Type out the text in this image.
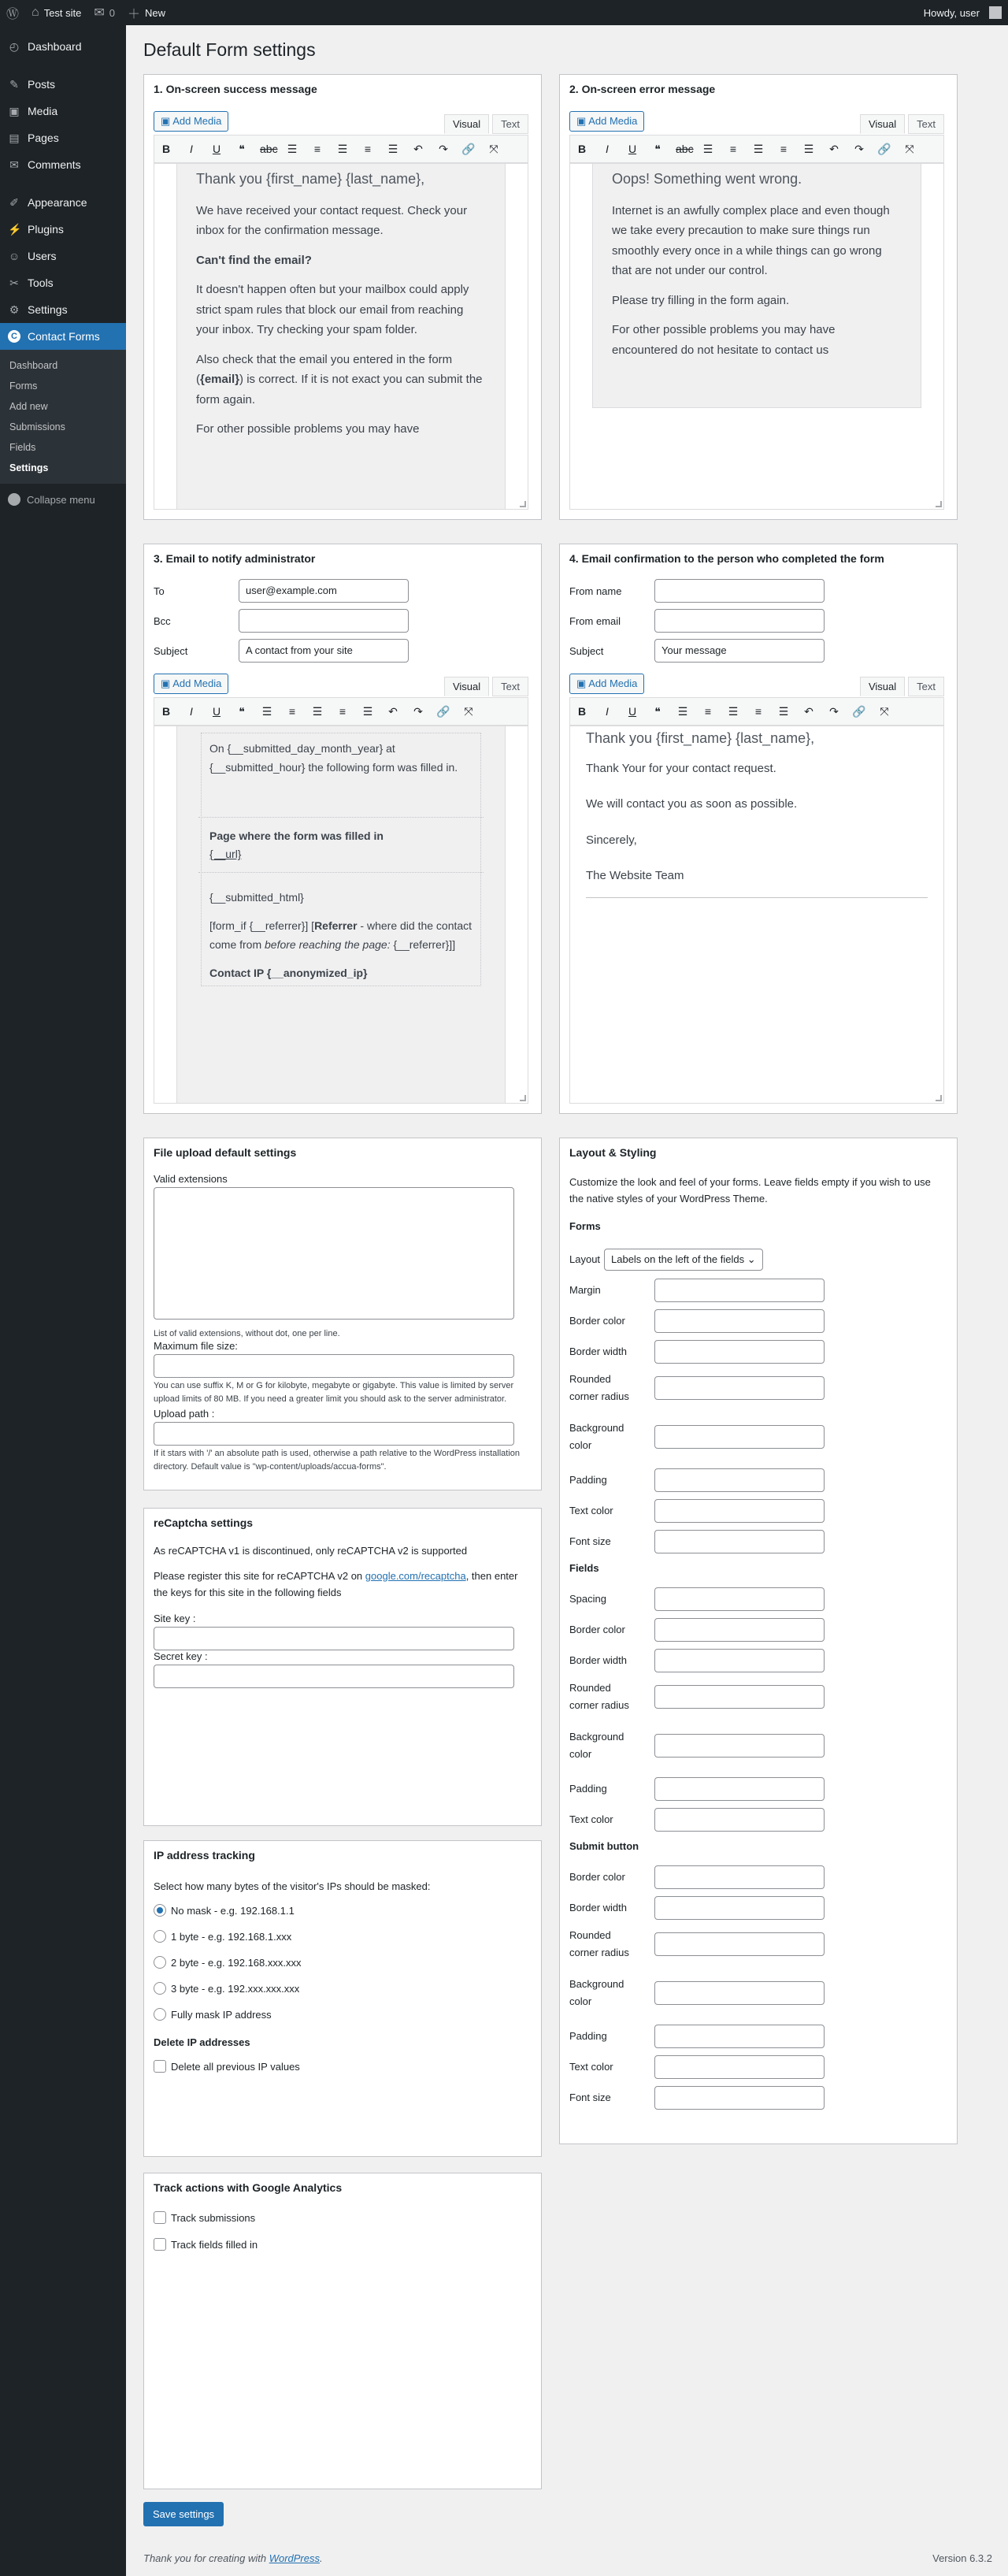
Ⓦ ⌂ Test site ✉ 0 ＋ New	Howdy, user
◴ Dashboard
✎ Posts
▣ Media
▤ Pages
✉ Comments
✐ Appearance
⚡ Plugins
☺ Users
✂ Tools
⚙ Settings
C Contact Forms
Dashboard
Forms
Add new
Submissions
Fields
Settings
Collapse menu
Default Form settings
1. On-screen success message
▣ Add Media	Visual	Text
B	I	U	❝	abc ☰	≡	☰	≡	☰ ↶ ↷ 🔗 ⤧
Thank you {first_name} {last_name},

We have received your contact request. Check your inbox for the confirmation message.

Can't find the email?

It doesn't happen often but your mailbox could apply strict spam rules that block our email from reaching your inbox. Try checking your spam folder.

Also check that the email you entered in the form ({email}) is correct. If it is not exact you can submit the form again.

For other possible problems you may have

2. On-screen error message
▣ Add Media	Visual	Text
B	I	U	❝	abc ☰	≡	☰	≡	☰ ↶ ↷ 🔗 ⤧
Oops! Something went wrong.

Internet is an awfully complex place and even though we take every precaution to make sure things run smoothly every once in a while things can go wrong that are not under our control.

Please try filling in the form again.

For other possible problems you may have encountered do not hesitate to contact us

3. Email to notify administrator
To	user@example.com
Bcc
Subject	A contact from your site
▣ Add Media	Visual	Text
B	I	U	❝	☰	≡	☰	≡	☰ ↶ ↷ 🔗 ⤧

On {__submitted_day_month_year} at {__submitted_hour} the following form was filled in.

Page where the form was filled in

{__url}

{__submitted_html}

[form_if {__referrer}] [Referrer - where did the contact come from before reaching the page: {__referrer}]]

Contact IP {__anonymized_ip}

4. Email confirmation to the person who completed the form
From name
From email
Subject	Your message
▣ Add Media	Visual	Text
B	I	U	❝	☰	≡	☰	≡	☰ ↶ ↷ 🔗 ⤧
Thank you {first_name} {last_name},

Thank Your for your contact request.

We will contact you as soon as possible.

Sincerely,

The Website Team

File upload default settings
Valid extensions
List of valid extensions, without dot, one per line.
Maximum file size:
You can use suffix K, M or G for kilobyte, megabyte or gigabyte. This value is limited by server upload limits of 80 MB. If you need a greater limit you should ask to the server administrator.
Upload path :
If it stars with '/' an absolute path is used, otherwise a path relative to the WordPress installation directory. Default value is "wp-content/uploads/accua-forms".
Layout & Styling
Customize the look and feel of your forms. Leave fields empty if you wish to use the native styles of your WordPress Theme.
Forms
Layout	Labels on the left of the fields ⌄
Margin
Border color
Border width
Rounded corner radius
Background color
Padding
Text color
Font size
Fields
Spacing
Border color
Border width
Rounded corner radius
Background color
Padding
Text color
Submit button
Border color
Border width
Rounded corner radius
Background color
Padding
Text color
Font size
reCaptcha settings
As reCAPTCHA v1 is discontinued, only reCAPTCHA v2 is supported
Please register this site for reCAPTCHA v2 on google.com/recaptcha, then enter the keys for this site in the following fields
Site key :
Secret key :
IP address tracking
Select how many bytes of the visitor's IPs should be masked:
No mask - e.g. 192.168.1.1
1 byte - e.g. 192.168.1.xxx
2 byte - e.g. 192.168.xxx.xxx
3 byte - e.g. 192.xxx.xxx.xxx
Fully mask IP address
Delete IP addresses
Delete all previous IP values
Track actions with Google Analytics
Track submissions
Track fields filled in
Save settings
Thank you for creating with WordPress.	Version 6.3.2
